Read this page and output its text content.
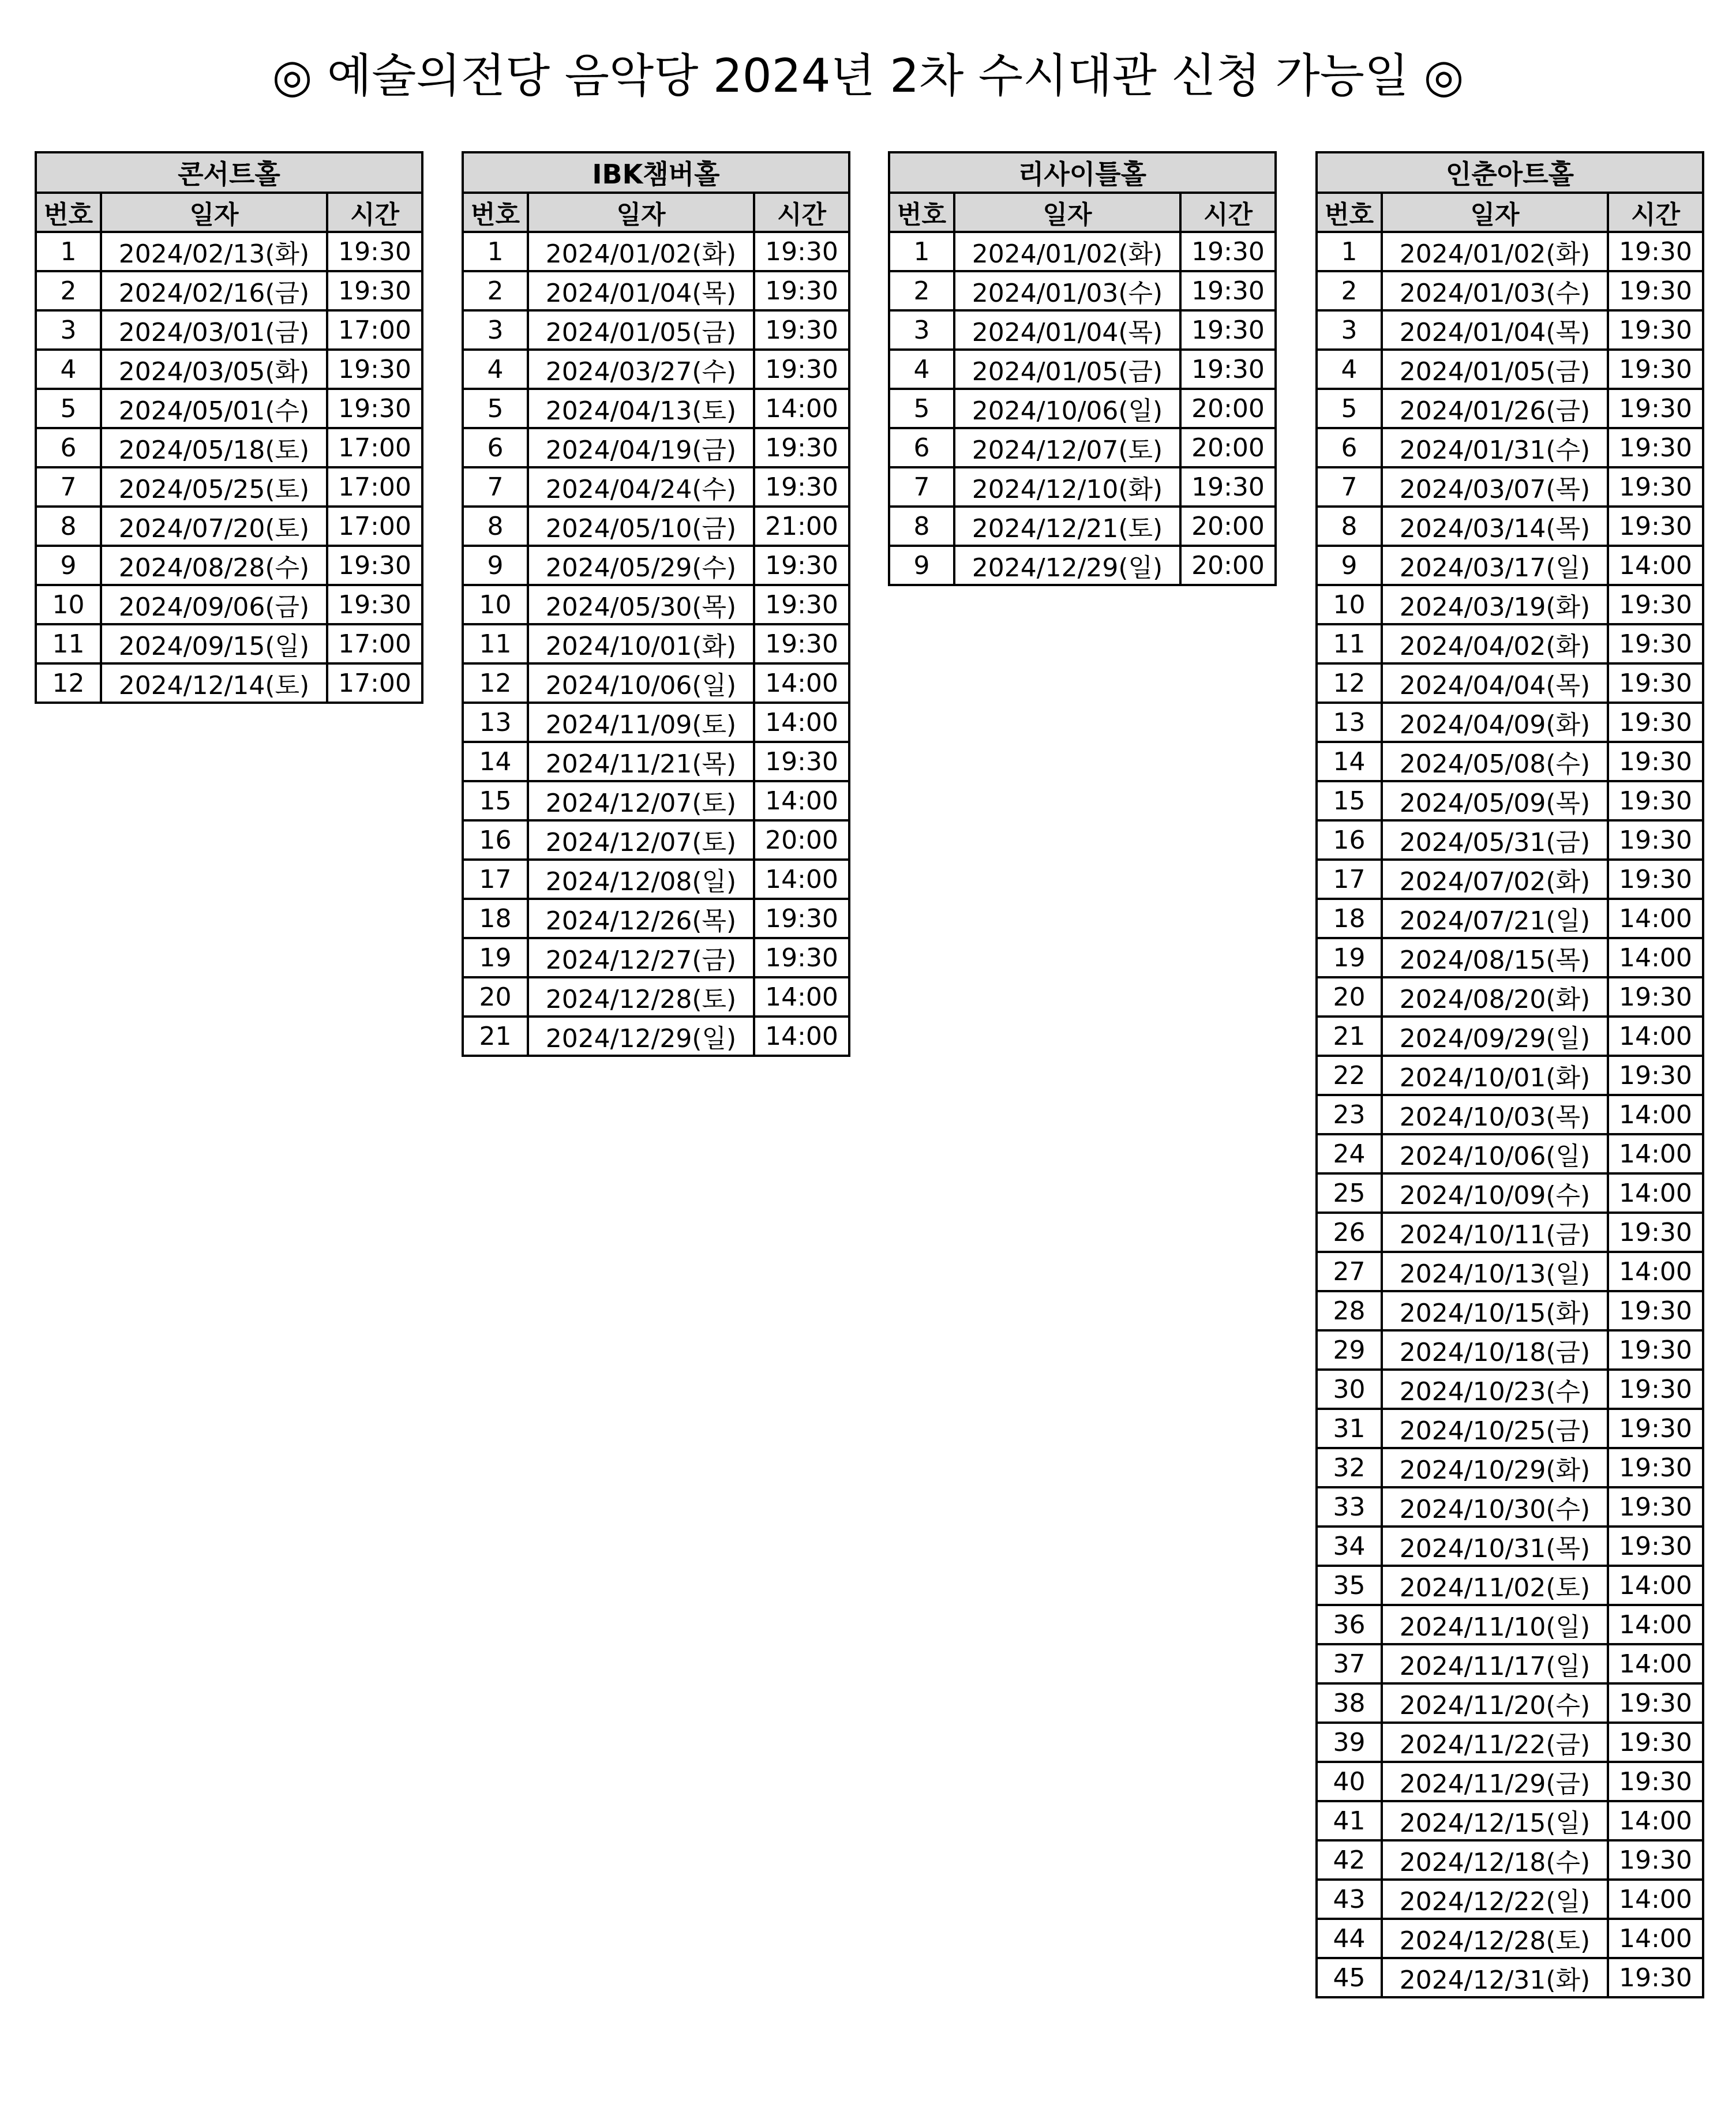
◎ 예술의전당 음악당 2024년 2차 수시대관 신청 가능일 ◎
콘서트홀		
번호	일자	시간
1	2024/02/13(화)	19:30
2	2024/02/16(금)	19:30
3	2024/03/01(금)	17:00
4	2024/03/05(화)	19:30
5	2024/05/01(수)	19:30
6	2024/05/18(토)	17:00
7	2024/05/25(토)	17:00
8	2024/07/20(토)	17:00
9	2024/08/28(수)	19:30
10	2024/09/06(금)	19:30
11	2024/09/15(일)	17:00
12	2024/12/14(토)	17:00
IBK챔버홀		
번호	일자	시간
1	2024/01/02(화)	19:30
2	2024/01/04(목)	19:30
3	2024/01/05(금)	19:30
4	2024/03/27(수)	19:30
5	2024/04/13(토)	14:00
6	2024/04/19(금)	19:30
7	2024/04/24(수)	19:30
8	2024/05/10(금)	21:00
9	2024/05/29(수)	19:30
10	2024/05/30(목)	19:30
11	2024/10/01(화)	19:30
12	2024/10/06(일)	14:00
13	2024/11/09(토)	14:00
14	2024/11/21(목)	19:30
15	2024/12/07(토)	14:00
16	2024/12/07(토)	20:00
17	2024/12/08(일)	14:00
18	2024/12/26(목)	19:30
19	2024/12/27(금)	19:30
20	2024/12/28(토)	14:00
21	2024/12/29(일)	14:00
리사이틀홀		
번호	일자	시간
1	2024/01/02(화)	19:30
2	2024/01/03(수)	19:30
3	2024/01/04(목)	19:30
4	2024/01/05(금)	19:30
5	2024/10/06(일)	20:00
6	2024/12/07(토)	20:00
7	2024/12/10(화)	19:30
8	2024/12/21(토)	20:00
9	2024/12/29(일)	20:00
인춘아트홀		
번호	일자	시간
1	2024/01/02(화)	19:30
2	2024/01/03(수)	19:30
3	2024/01/04(목)	19:30
4	2024/01/05(금)	19:30
5	2024/01/26(금)	19:30
6	2024/01/31(수)	19:30
7	2024/03/07(목)	19:30
8	2024/03/14(목)	19:30
9	2024/03/17(일)	14:00
10	2024/03/19(화)	19:30
11	2024/04/02(화)	19:30
12	2024/04/04(목)	19:30
13	2024/04/09(화)	19:30
14	2024/05/08(수)	19:30
15	2024/05/09(목)	19:30
16	2024/05/31(금)	19:30
17	2024/07/02(화)	19:30
18	2024/07/21(일)	14:00
19	2024/08/15(목)	14:00
20	2024/08/20(화)	19:30
21	2024/09/29(일)	14:00
22	2024/10/01(화)	19:30
23	2024/10/03(목)	14:00
24	2024/10/06(일)	14:00
25	2024/10/09(수)	14:00
26	2024/10/11(금)	19:30
27	2024/10/13(일)	14:00
28	2024/10/15(화)	19:30
29	2024/10/18(금)	19:30
30	2024/10/23(수)	19:30
31	2024/10/25(금)	19:30
32	2024/10/29(화)	19:30
33	2024/10/30(수)	19:30
34	2024/10/31(목)	19:30
35	2024/11/02(토)	14:00
36	2024/11/10(일)	14:00
37	2024/11/17(일)	14:00
38	2024/11/20(수)	19:30
39	2024/11/22(금)	19:30
40	2024/11/29(금)	19:30
41	2024/12/15(일)	14:00
42	2024/12/18(수)	19:30
43	2024/12/22(일)	14:00
44	2024/12/28(토)	14:00
45	2024/12/31(화)	19:30
